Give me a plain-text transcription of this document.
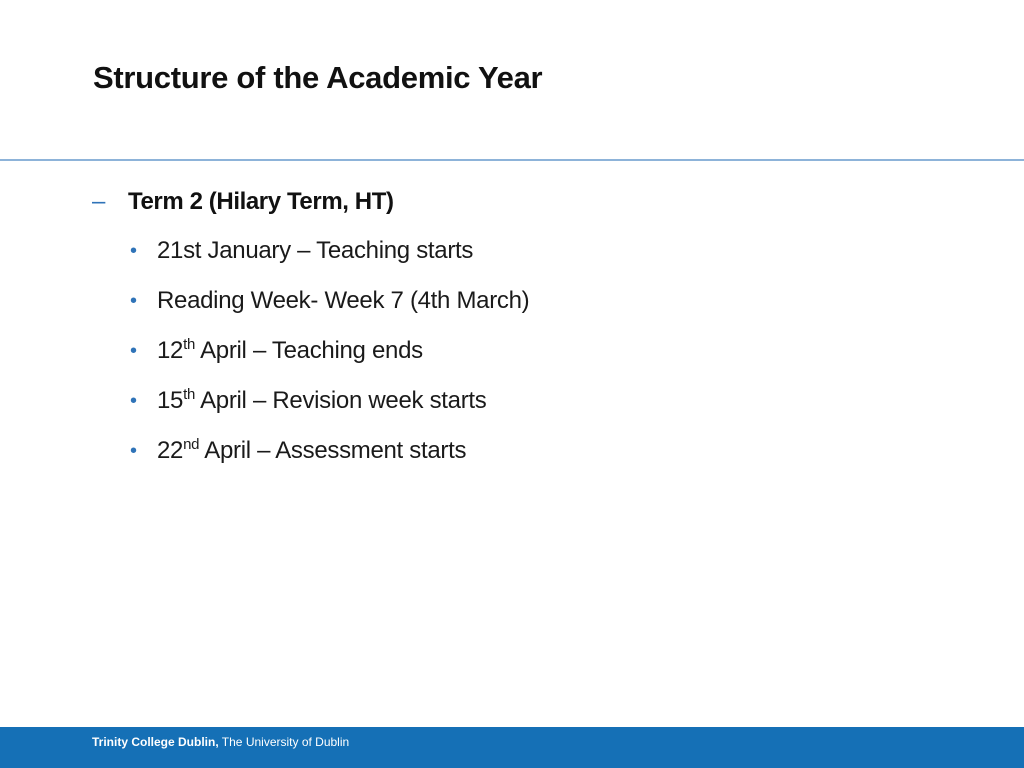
Structure of the Academic Year
– Term 2 (Hilary Term, HT)
• 21st January – Teaching starts
• Reading Week- Week 7 (4th March)
• 12th April – Teaching ends
• 15th April – Revision week starts
• 22nd April – Assessment starts
Trinity College Dublin, The University of Dublin
